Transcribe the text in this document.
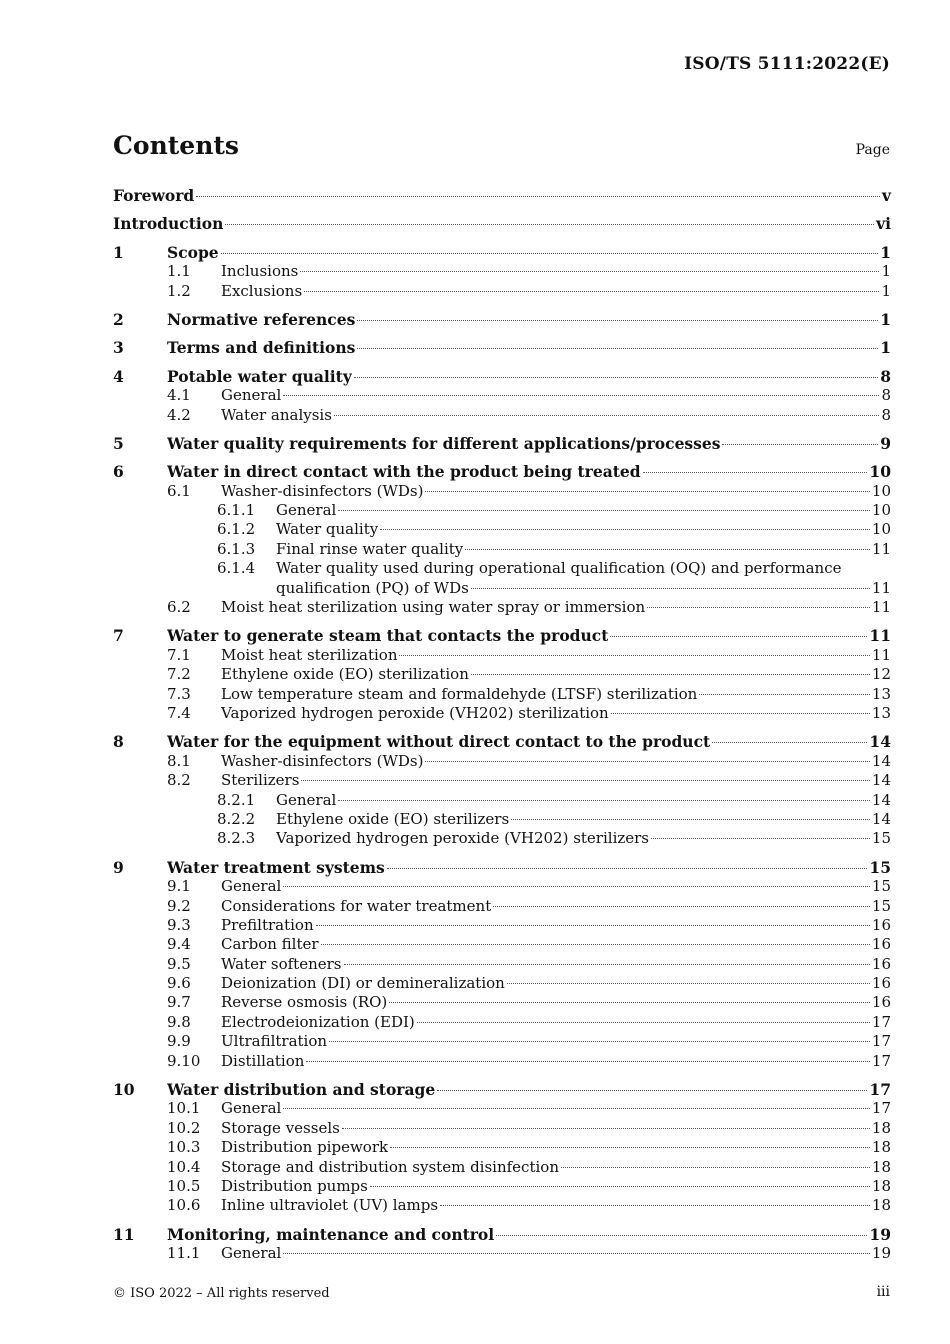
ISO/TS 5111:2022(E)
Contents	Page
Foreword	v
Introduction	vi
1	Scope	1
1.1	Inclusions	1
1.2	Exclusions	1
2	Normative references	1
3	Terms and definitions	1
4	Potable water quality	8
4.1	General	8
4.2	Water analysis	8
5	Water quality requirements for different applications/processes	9
6	Water in direct contact with the product being treated	10
6.1	Washer-disinfectors (WDs)	10
6.1.1	General	10
6.1.2	Water quality	10
6.1.3	Final rinse water quality	11
6.1.4	Water quality used during operational qualification (OQ) and performance
qualification (PQ) of WDs	11
6.2	Moist heat sterilization using water spray or immersion	11
7	Water to generate steam that contacts the product	11
7.1	Moist heat sterilization	11
7.2	Ethylene oxide (EO) sterilization	12
7.3	Low temperature steam and formaldehyde (LTSF) sterilization	13
7.4	Vaporized hydrogen peroxide (VH202) sterilization	13
8	Water for the equipment without direct contact to the product	14
8.1	Washer-disinfectors (WDs)	14
8.2	Sterilizers	14
8.2.1	General	14
8.2.2	Ethylene oxide (EO) sterilizers	14
8.2.3	Vaporized hydrogen peroxide (VH202) sterilizers	15
9	Water treatment systems	15
9.1	General	15
9.2	Considerations for water treatment	15
9.3	Prefiltration	16
9.4	Carbon filter	16
9.5	Water softeners	16
9.6	Deionization (DI) or demineralization	16
9.7	Reverse osmosis (RO)	16
9.8	Electrodeionization (EDI)	17
9.9	Ultrafiltration	17
9.10	Distillation	17
10	Water distribution and storage	17
10.1	General	17
10.2	Storage vessels	18
10.3	Distribution pipework	18
10.4	Storage and distribution system disinfection	18
10.5	Distribution pumps	18
10.6	Inline ultraviolet (UV) lamps	18
11	Monitoring, maintenance and control	19
11.1	General	19
© ISO 2022 – All rights reserved	iii
